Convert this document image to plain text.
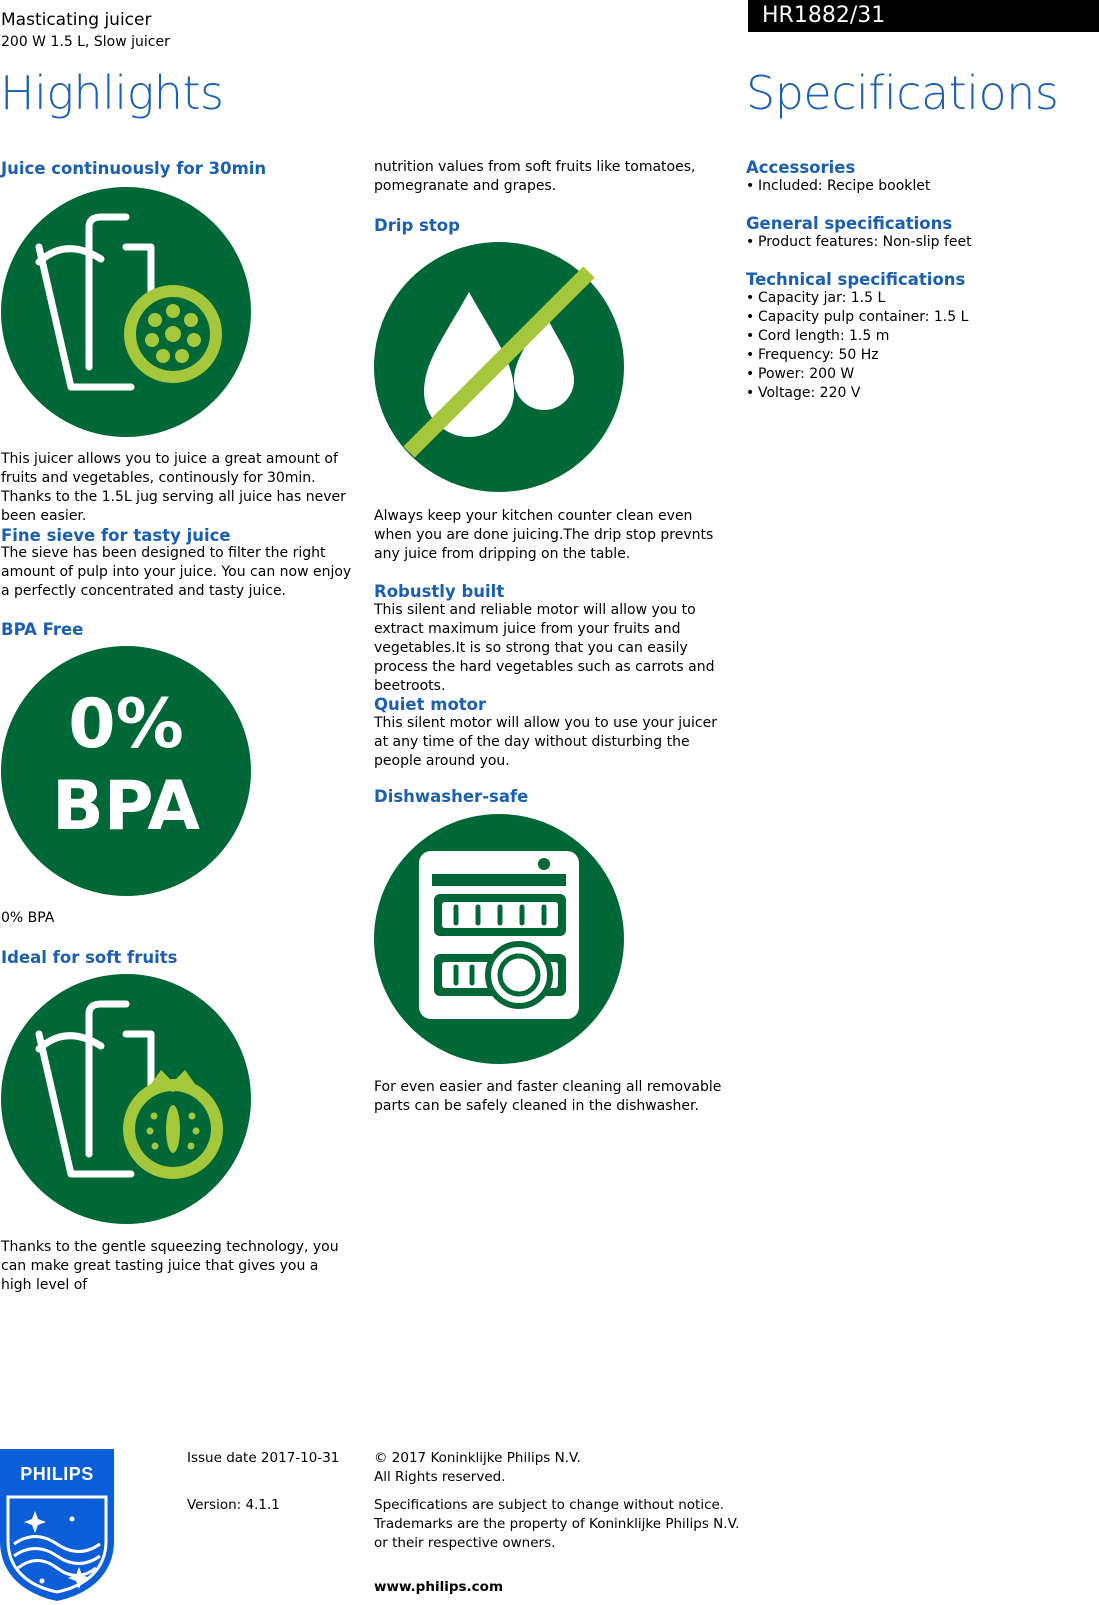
Masticating juicer
200 W 1.5 L, Slow juicer
HR1882/31
Highlights	Specifications
Juice continuously for 30min
This juicer allows you to juice a great amount of fruits and vegetables, continously for 30min. Thanks to the 1.5L jug serving all juice has never been easier.
Fine sieve for tasty juice
The sieve has been designed to filter the right amount of pulp into your juice. You can now enjoy a perfectly concentrated and tasty juice.
BPA Free
0%
BPA
0% BPA
Ideal for soft fruits
Thanks to the gentle squeezing technology, you can make great tasting juice that gives you a high level of
nutrition values from soft fruits like tomatoes, pomegranate and grapes.
Drip stop
Always keep your kitchen counter clean even when you are done juicing.The drip stop prevnts any juice from dripping on the table.
Robustly built
This silent and reliable motor will allow you to extract maximum juice from your fruits and vegetables.It is so strong that you can easily process the hard vegetables such as carrots and beetroots.
Quiet motor
This silent motor will allow you to use your juicer at any time of the day without disturbing the people around you.
Dishwasher-safe
For even easier and faster cleaning all removable parts can be safely cleaned in the dishwasher.
Accessories
• Included: Recipe booklet
General specifications
• Product features: Non-slip feet
Technical specifications
• Capacity jar: 1.5 L
• Capacity pulp container: 1.5 L
• Cord length: 1.5 m
• Frequency: 50 Hz
• Power: 200 W
• Voltage: 220 V
PHILIPS
Issue date 2017-10-31
Version: 4.1.1
© 2017 Koninklijke Philips N.V.
All Rights reserved.
Specifications are subject to change without notice.
Trademarks are the property of Koninklijke Philips N.V.
or their respective owners.
www.philips.com
